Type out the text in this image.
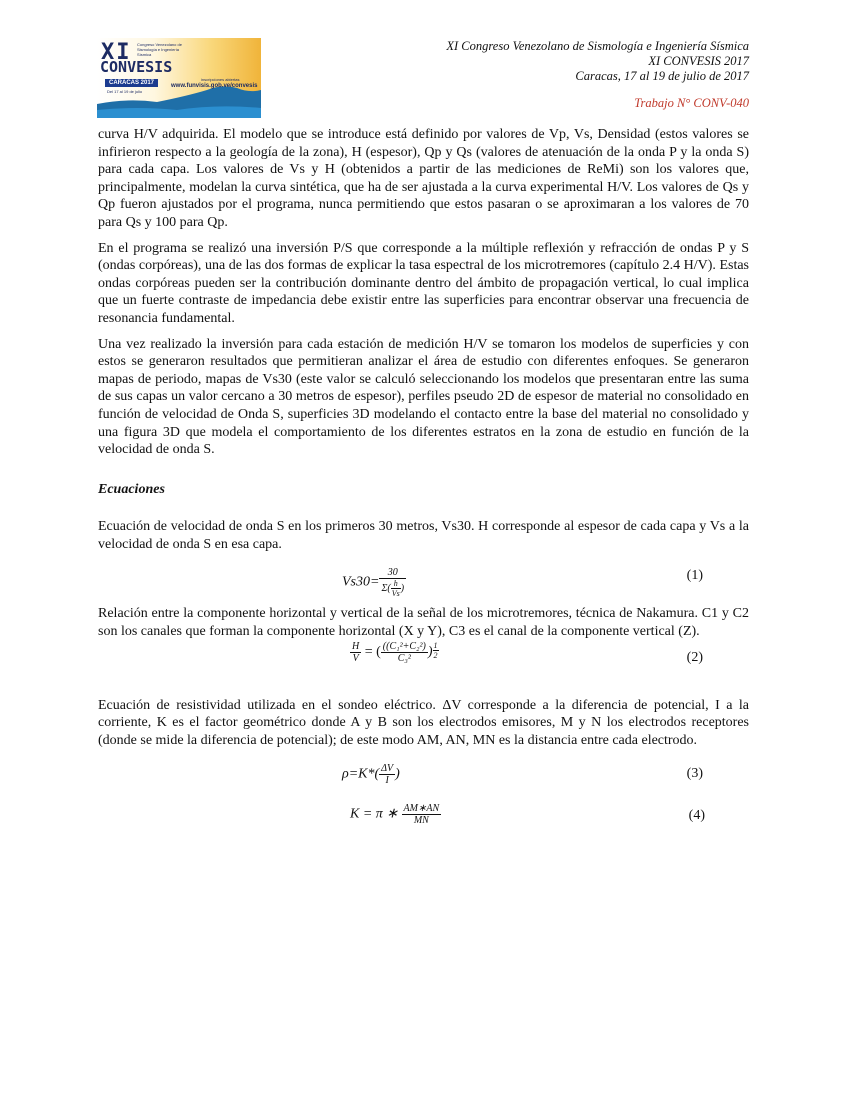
XI Congreso Venezolano de Sismología e Ingeniería Sísmica
CONVESIS
CARACAS 2017
Del 17 al 19 de julio
inscripciones abiertas
www.funvisis.gob.ve/convesis
XI Congreso Venezolano de Sismología e Ingeniería Sísmica
XI CONVESIS 2017
Caracas, 17 al 19 de julio de 2017
Trabajo N° CONV-040

curva H/V adquirida. El modelo que se introduce está definido por valores de Vp, Vs, Densidad (estos valores se infirieron respecto a la geología de la zona), H (espesor), Qp y Qs (valores de atenuación de la onda P y la onda S) para cada capa. Los valores de Vs y H (obtenidos a partir de las mediciones de ReMi) son los valores que, principalmente, modelan la curva sintética, que ha de ser ajustada a la curva experimental H/V. Los valores de Qs y Qp fueron ajustados por el programa, nunca permitiendo que estos pasaran o se aproximaran a los valores de 70 para Qs y 100 para Qp.

En el programa se realizó una inversión P/S que corresponde a la múltiple reflexión y refracción de ondas P y S (ondas corpóreas), una de las dos formas de explicar la tasa espectral de los microtremores (capítulo 2.4 H/V). Estas ondas corpóreas pueden ser la contribución dominante dentro del ámbito de propagación vertical, lo cual implica que un fuerte contraste de impedancia debe existir entre las superficies para encontrar observar una frecuencia de resonancia fundamental.

Una vez realizado la inversión para cada estación de medición H/V se tomaron los modelos de superficies y con estos se generaron resultados que permitieran analizar el área de estudio con diferentes enfoques. Se generaron mapas de periodo, mapas de Vs30 (este valor se calculó seleccionando los modelos que presentaran entre las suma de sus capas un valor cercano a 30 metros de espesor), perfiles pseudo 2D de espesor de material no consolidado en función de velocidad de Onda S, superficies 3D modelando el contacto entre la base del material no consolidado y una figura 3D que modela el comportamiento de los diferentes estratos en la zona de estudio en función de la velocidad de onda S.

Ecuaciones

Ecuación de velocidad de onda S en los primeros 30 metros, Vs30. H corresponde al espesor de cada capa y Vs a la velocidad de onda S en esa capa.

$Vs30= \frac{30}{\Sigma( \frac{h}{Vs} )}$	(1)

Relación entre la componente horizontal y vertical de la señal de los microtremores, técnica de Nakamura. C1 y C2 son los canales que forman la componente horizontal (X y Y), C3 es el canal de la componente vertical (Z).

$\frac{H}{V}$ = ( $\frac{\text{((C₁²+C₂²)}}{\text{C₃²}}$ ) $\frac{1}{2}$	(2)

Ecuación de resistividad utilizada en el sondeo eléctrico. ΔV corresponde a la diferencia de potencial, I a la corriente, K es el factor geométrico donde A y B son los electrodos emisores, M y N los electrodos receptores (donde se mide la diferencia de potencial); de este modo AM, AN, MN es la distancia entre cada electrodo.

$\rho=K*( \frac{\Delta V}{I}$ )	(3)
K = π ∗ $\frac{AM∗AN}{MN}$	(4)
